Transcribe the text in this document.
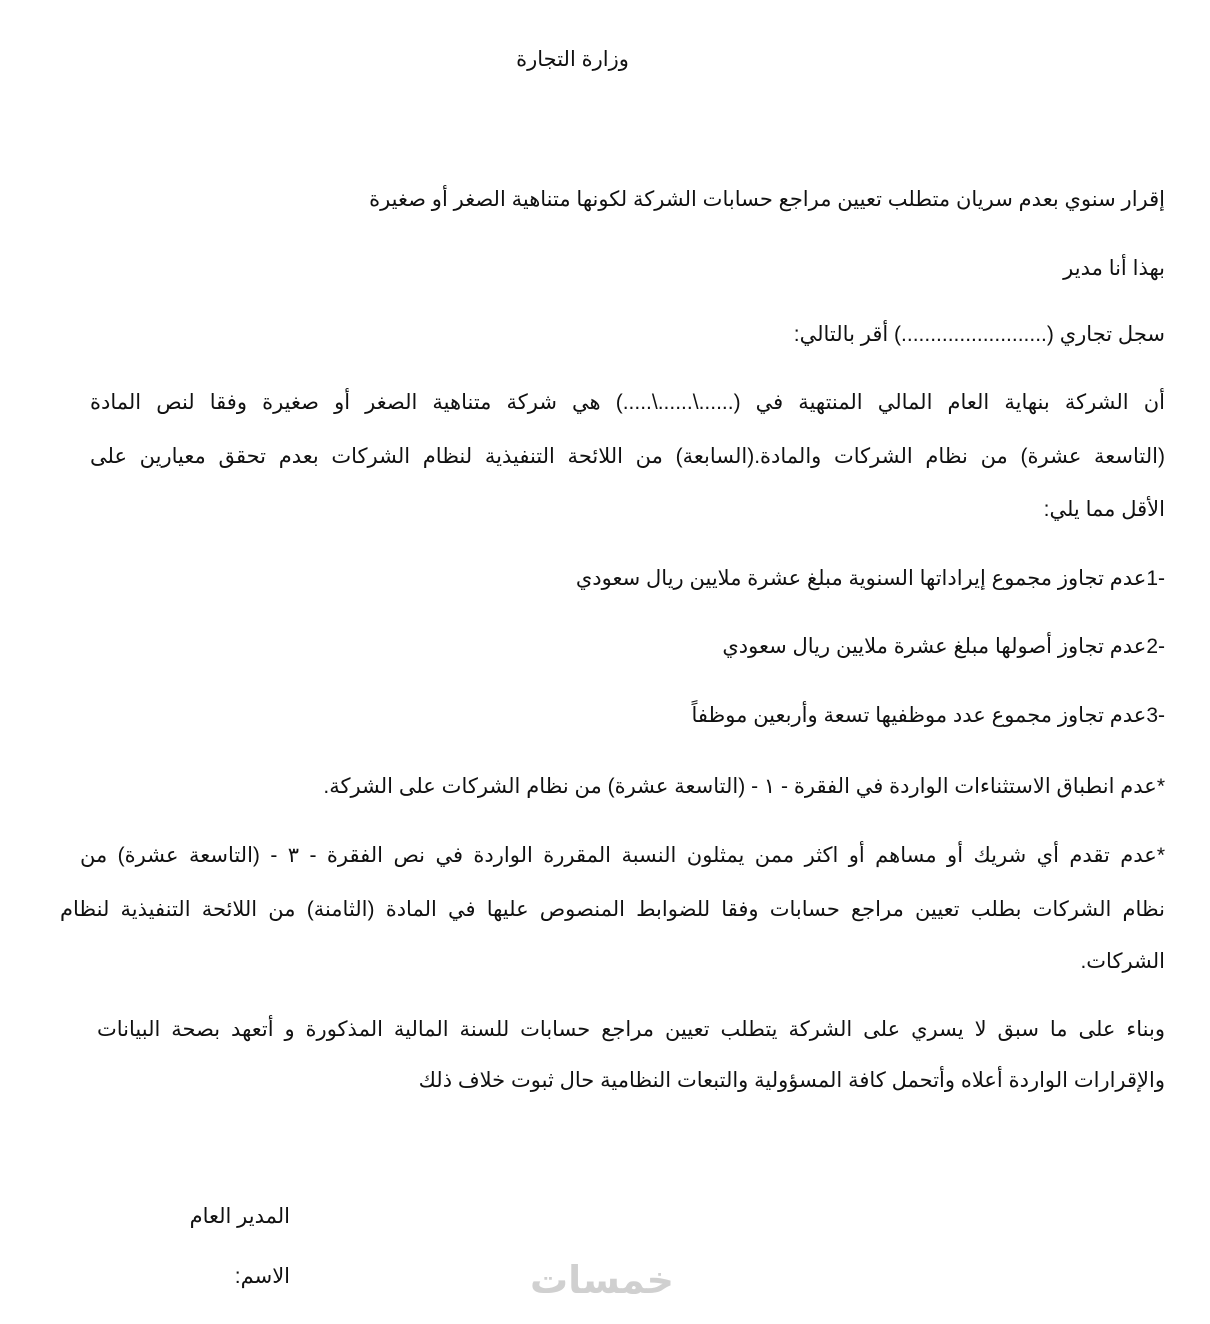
وزارة التجارة
إقرار سنوي بعدم سريان متطلب تعيين مراجع حسابات الشركة لكونها متناهية الصغر أو صغيرة
بهذا أنا مدير
سجل تجاري (.........................) أقر بالتالي:
أن الشركة بنهاية العام المالي المنتهية في (......\......\.....) هي شركة متناهية الصغر أو صغيرة وفقا لنص المادة
(التاسعة عشرة) من نظام الشركات والمادة.(السابعة) من اللائحة التنفيذية لنظام الشركات بعدم تحقق معيارين على
الأقل مما يلي:
-1عدم تجاوز مجموع إيراداتها السنوية مبلغ عشرة ملايين ريال سعودي
-2عدم تجاوز أصولها مبلغ عشرة ملايين ريال سعودي
-3عدم تجاوز مجموع عدد موظفيها تسعة وأربعين موظفاً
*عدم انطباق الاستثناءات الواردة في الفقرة - ١ - (التاسعة عشرة) من نظام الشركات على الشركة.
*عدم تقدم أي شريك أو مساهم أو اكثر ممن يمثلون النسبة المقررة الواردة في نص الفقرة - ٣ - (التاسعة عشرة) من
نظام الشركات بطلب تعيين مراجع حسابات وفقا للضوابط المنصوص عليها في المادة (الثامنة) من اللائحة التنفيذية لنظام
الشركات.
وبناء على ما سبق لا يسري على الشركة يتطلب تعيين مراجع حسابات للسنة المالية المذكورة و أتعهد بصحة البيانات
والإقرارات الواردة أعلاه وأتحمل كافة المسؤولية والتبعات النظامية حال ثبوت خلاف ذلك
المدير العام
الاسم:	خمسات
